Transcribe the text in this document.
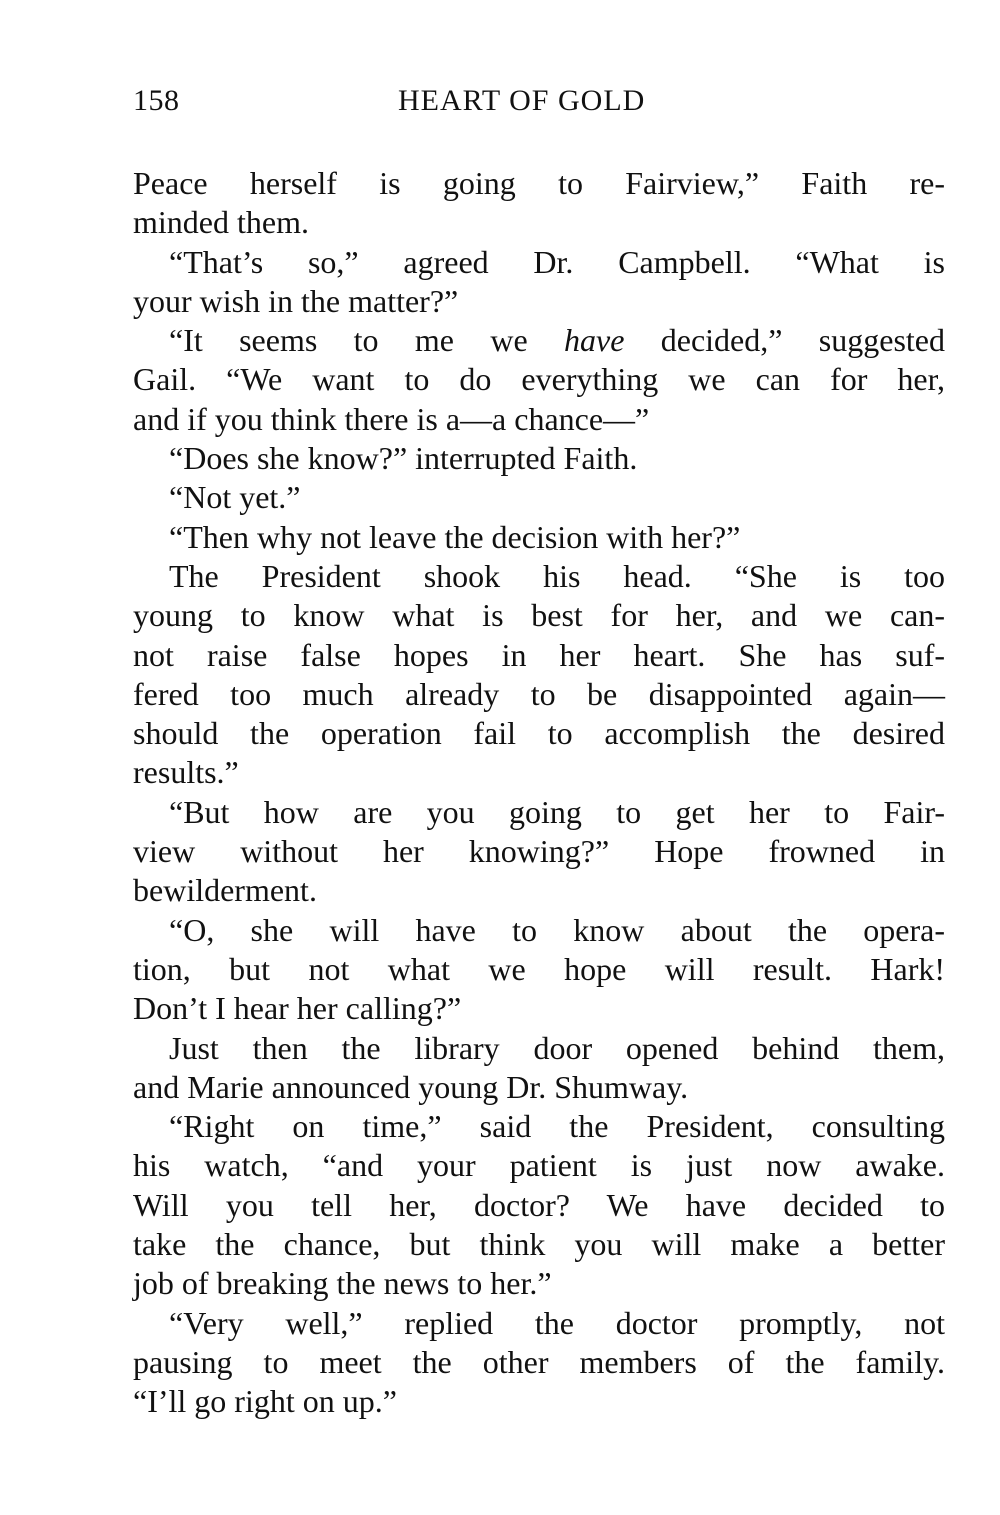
158	HEART OF GOLD
Peace herself is going to Fairview,” Faith re-
minded them.
“That’s so,” agreed Dr. Campbell. “What is
your wish in the matter?”
“It seems to me we have decided,” suggested
Gail. “We want to do everything we can for her,
and if you think there is a—a chance—”
“Does she know?” interrupted Faith.
“Not yet.”
“Then why not leave the decision with her?”
The President shook his head. “She is too
young to know what is best for her, and we can-
not raise false hopes in her heart. She has suf-
fered too much already to be disappointed again—
should the operation fail to accomplish the desired
results.”
“But how are you going to get her to Fair-
view without her knowing?” Hope frowned in
bewilderment.
“O, she will have to know about the opera-
tion, but not what we hope will result. Hark!
Don’t I hear her calling?”
Just then the library door opened behind them,
and Marie announced young Dr. Shumway.
“Right on time,” said the President, consulting
his watch, “and your patient is just now awake.
Will you tell her, doctor? We have decided to
take the chance, but think you will make a better
job of breaking the news to her.”
“Very well,” replied the doctor promptly, not
pausing to meet the other members of the family.
“I’ll go right on up.”
